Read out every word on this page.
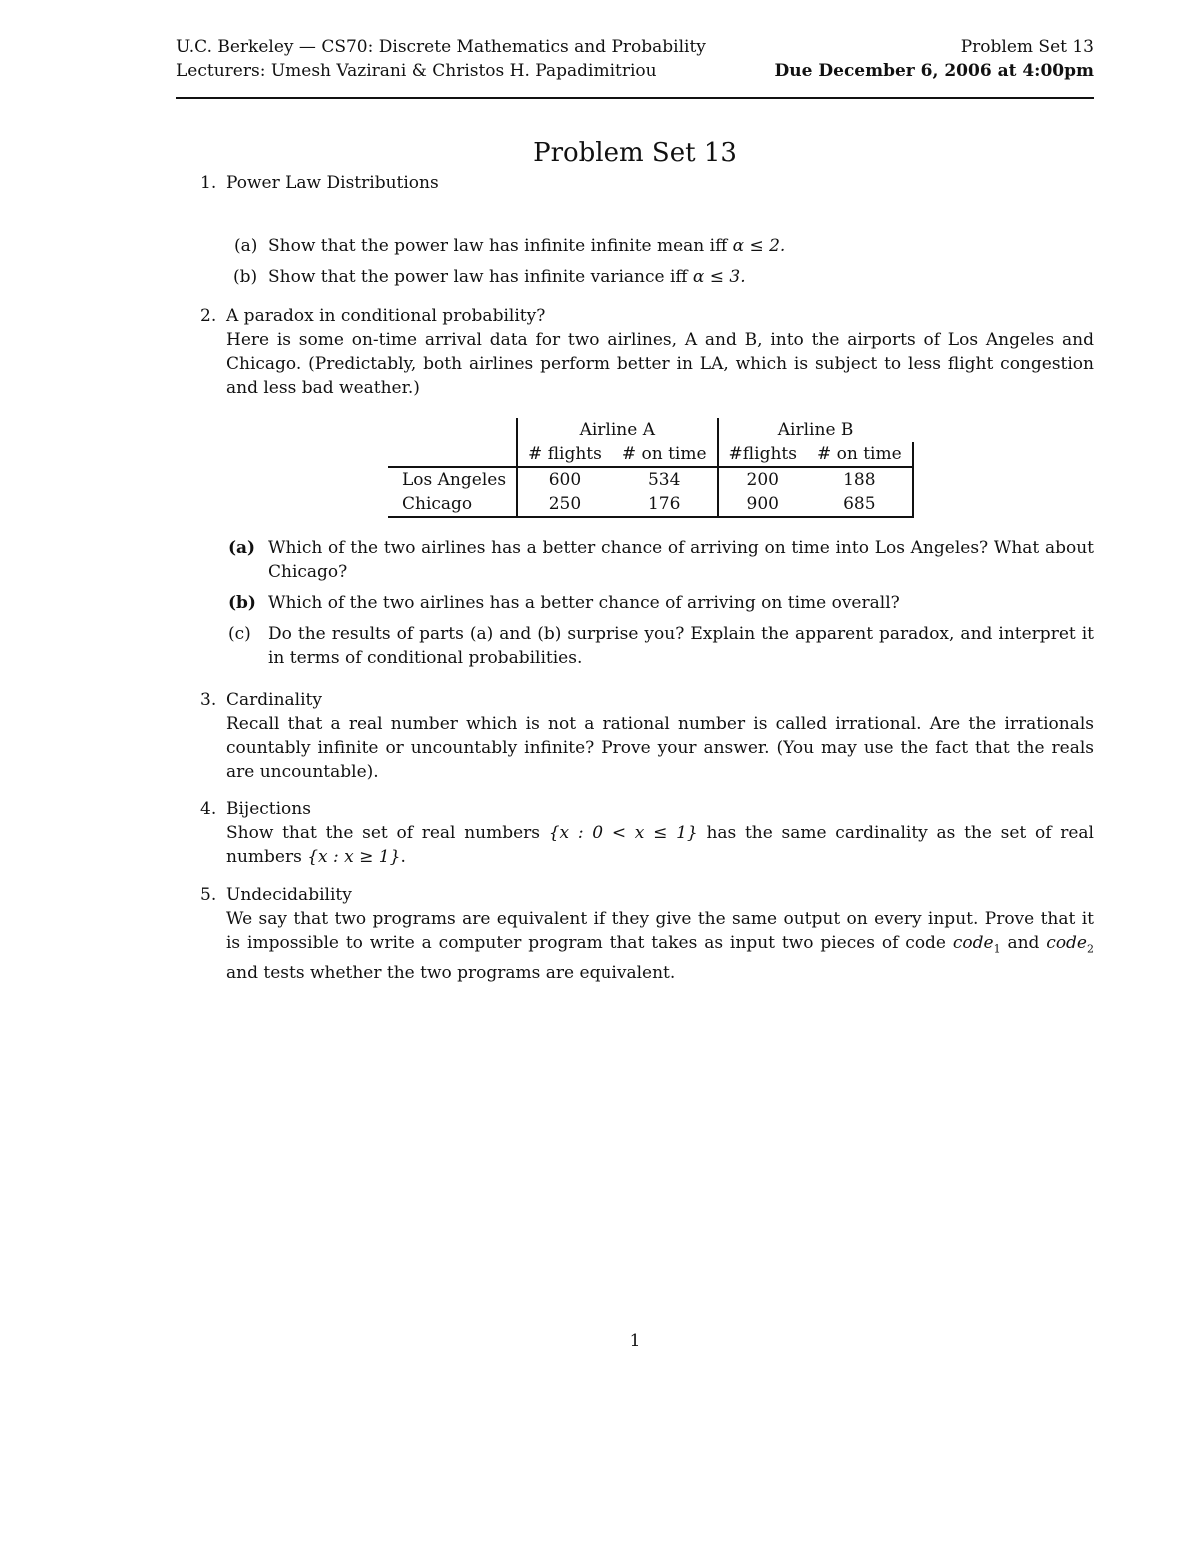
U.C. Berkeley — CS70: Discrete Mathematics and Probability	Problem Set 13
Lecturers: Umesh Vazirani & Christos H. Papadimitriou	Due December 6, 2006 at 4:00pm
Problem Set 13
1. Power Law Distributions
(a) Show that the power law has infinite infinite mean iff α ≤ 2.
(b) Show that the power law has infinite variance iff α ≤ 3.
2. A paradox in conditional probability?
Here is some on-time arrival data for two airlines, A and B, into the airports of Los Angeles and Chicago. (Predictably, both airlines perform better in LA, which is subject to less flight congestion and less bad weather.)
	Airline A		Airline B	
	# flights	# on time	#flights	# on time
Los Angeles	600	534	200	188
Chicago	250	176	900	685
(a) Which of the two airlines has a better chance of arriving on time into Los Angeles? What about Chicago?
(b) Which of the two airlines has a better chance of arriving on time overall?
(c) Do the results of parts (a) and (b) surprise you? Explain the apparent paradox, and interpret it in terms of conditional probabilities.
3. Cardinality
Recall that a real number which is not a rational number is called irrational. Are the irrationals countably infinite or uncountably infinite? Prove your answer. (You may use the fact that the reals are uncountable).
4. Bijections
Show that the set of real numbers {x : 0 < x ≤ 1} has the same cardinality as the set of real numbers {x : x ≥ 1}.
5. Undecidability
We say that two programs are equivalent if they give the same output on every input. Prove that it is impossible to write a computer program that takes as input two pieces of code code$_1$ and code$_2$ and tests whether the two programs are equivalent.
1
